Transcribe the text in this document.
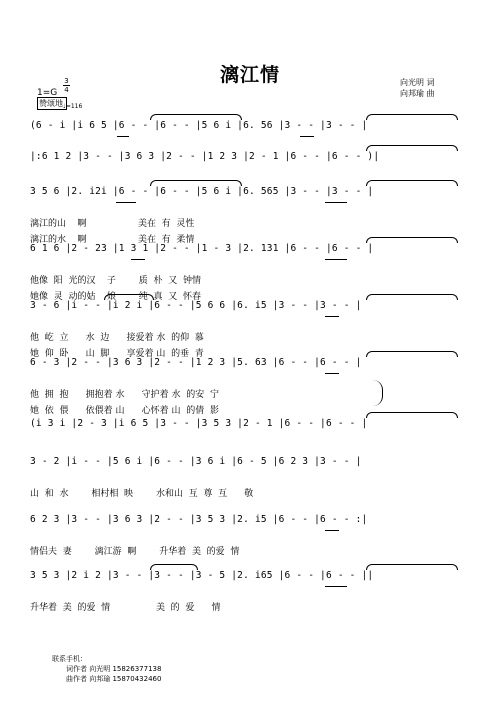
漓江情	向光明 词
向邦瑜 曲
1=G
3
4
赞颂地 ♩=116
(6 - i |i 6 5 |6 - - |6 - - |5 6 i |6. 56 |3 - - |3 - - |
|:6 1 2 |3 - - |3 6 3 |2 - - |1 2 3 |2 - 1 |6 - - |6 - - )|
3 5 6 |2. i2i |6 - - |6 - - |5 6 i |6. 565 |3 - - |3 - - |
漓江的山    啊                  美在  有  灵性
漓江的水    啊                  美在  有  柔情
6 1 6 |2 - 23 |1 3 1 |2 - - |1 - 3 |2. 131 |6 - - |6 - - |
他像  阳  光的汉    子        质  朴  又  钟情
她像  灵  动的姑    娘        纯  真  又  怀春
3 - 6 |i - - |i 2 i |6 - - |5 6 6 |6. i5 |3 - - |3 - - |
他  屹  立      水  边      接爱着 水  的仰  慕
她  仰  卧      山  脚      享爱着 山  的垂  青
6 - 3 |2 - - |3 6 3 |2 - - |1 2 3 |5. 63 |6 - - |6 - - |
他  拥  抱      拥抱着 水      守护着 水  的安  宁
她  依  偎      依偎着 山      心怀着 山  的倩  影
(i 3 i |2 - 3 |i 6 5 |3 - - |3 5 3 |2 - 1 |6 - - |6 - - |
3 - 2 |i - - |5 6 i |6 - - |3 6 i |6 - 5 |6 2 3 |3 - - |
山  和  水        相村相  映        水和山  互  尊  互      敬
6 2 3 |3 - - |3 6 3 |2 - - |3 5 3 |2. i5 |6 - - |6 - - :|
情侣夫  妻        漓江游  啊        升华着  美  的爱  情
3 5 3 |2 i 2 |3 - - |3 - - |3 - 5 |2. i65 |6 - - |6 - - ||
升华着  美  的爱  情                美  的  爱      情
联系手机：
词作者 向光明 15826377138
曲作者 向邦瑜 15870432460
